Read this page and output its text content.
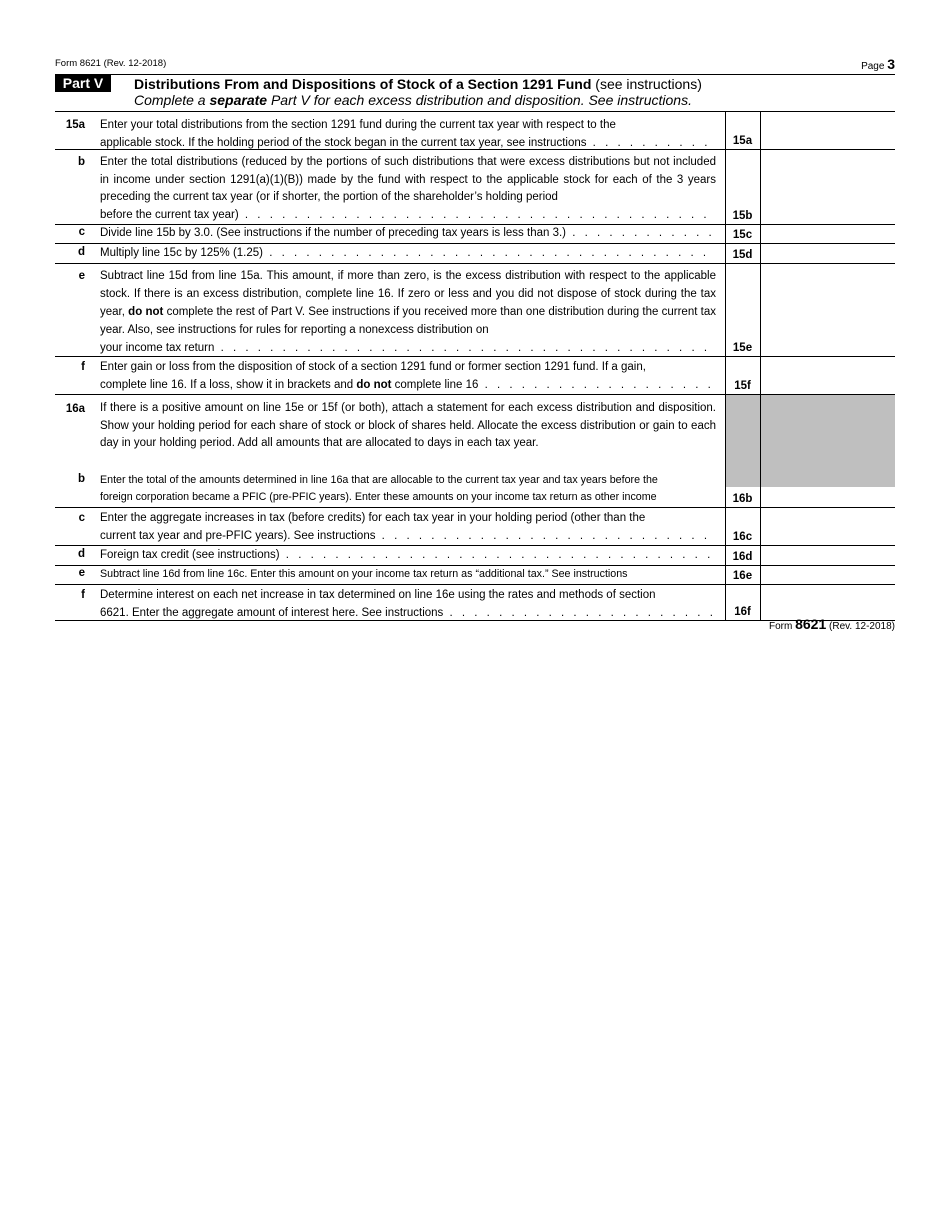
Form 8621 (Rev. 12-2018)	Page 3
Part V	Distributions From and Dispositions of Stock of a Section 1291 Fund (see instructions)
Complete a separate Part V for each excess distribution and disposition. See instructions.
15a Enter your total distributions from the section 1291 fund during the current tax year with respect to the

applicable stock. If the holding period of the stock began in the current tax year, see instructions . . .	15a
b Enter the total distributions (reduced by the portions of such distributions that were excess distributions but not included in income under section 1291(a)(1)(B)) made by the fund with respect to the applicable stock for each of the 3 years preceding the current tax year (or if shorter, the portion of the shareholder’s holding period
before the current tax year) . . .	15b
c Divide line 15b by 3.0. (See instructions if the number of preceding tax years is less than 3.) . . .	15c
d Multiply line 15c by 125% (1.25) . . .	15d
e Subtract line 15d from line 15a. This amount, if more than zero, is the excess distribution with respect to the applicable stock. If there is an excess distribution, complete line 16. If zero or less and you did not dispose of stock during the tax year, do not complete the rest of Part V. See instructions if you received more than one distribution during the current tax year. Also, see instructions for rules for reporting a nonexcess distribution on
your income tax return . . .	15e
f Enter gain or loss from the disposition of stock of a section 1291 fund or former section 1291 fund. If a gain,
complete line 16. If a loss, show it in brackets and do not complete line 16 . . .	15f
16a If there is a positive amount on line 15e or 15f (or both), attach a statement for each excess distribution and disposition. Show your holding period for each share of stock or block of shares held. Allocate the excess distribution or gain to each day in your holding period. Add all amounts that are allocated to days in each tax year.
b Enter the total of the amounts determined in line 16a that are allocable to the current tax year and tax years before the
foreign corporation became a PFIC (pre-PFIC years). Enter these amounts on your income tax return as other income	16b
c Enter the aggregate increases in tax (before credits) for each tax year in your holding period (other than the
current tax year and pre-PFIC years). See instructions . . .	16c
d Foreign tax credit (see instructions) . . .	16d
e Subtract line 16d from line 16c. Enter this amount on your income tax return as “additional tax.” See instructions	16e
f Determine interest on each net increase in tax determined on line 16e using the rates and methods of section
6621. Enter the aggregate amount of interest here. See instructions . . .	16f
Form 8621 (Rev. 12-2018)
